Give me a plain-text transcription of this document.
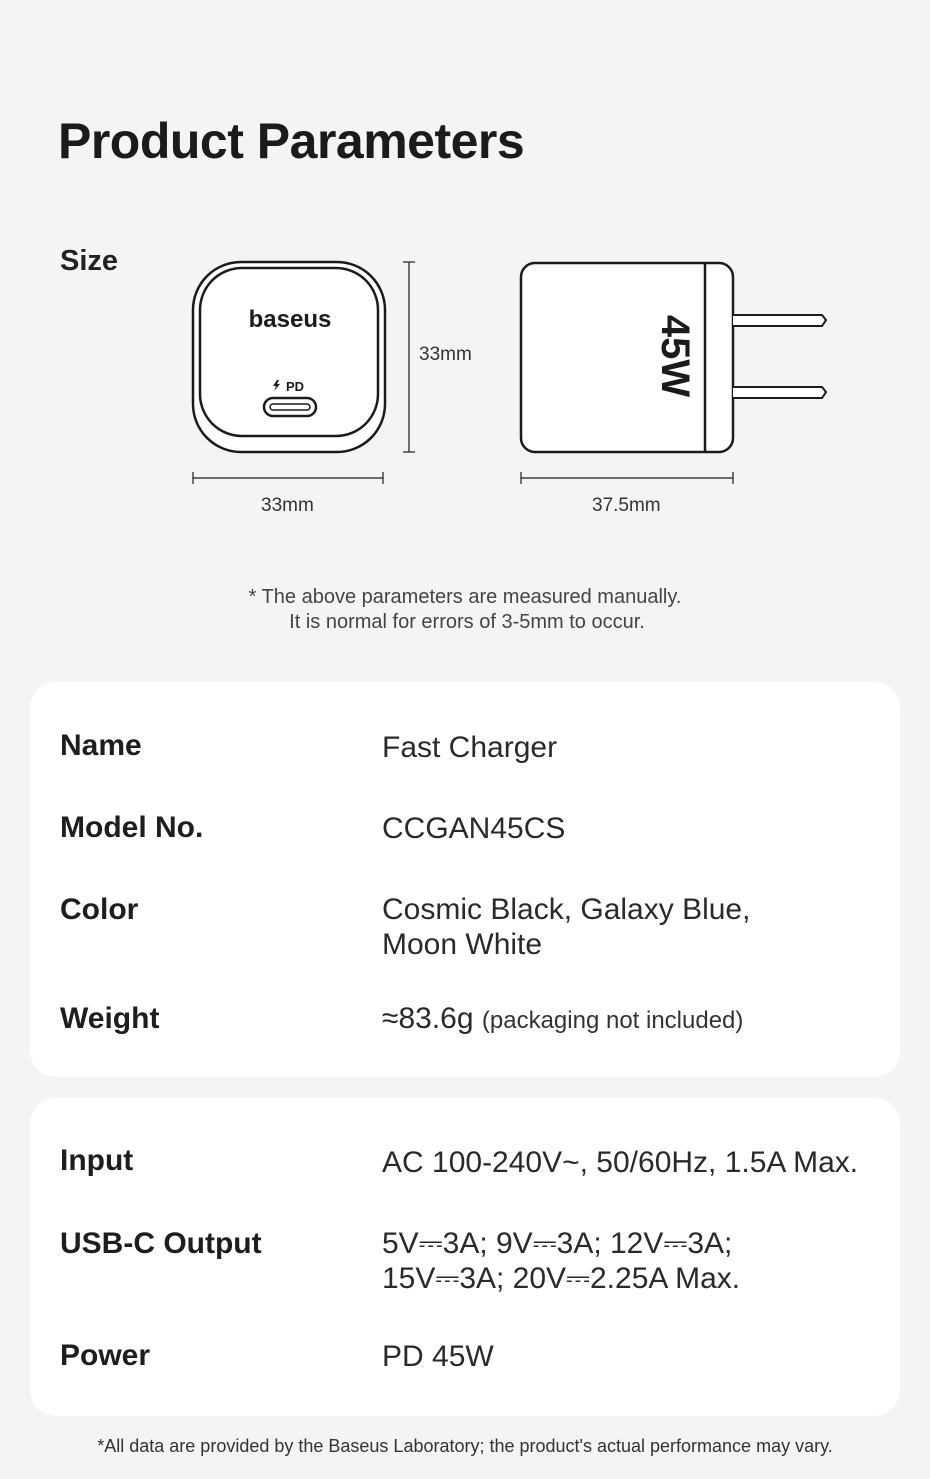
Product Parameters
Size
baseus
PD	45W
33mm
33mm	37.5mm
* The above parameters are measured manually.
It is normal for errors of 3-5mm to occur.
Name	Fast Charger
Model No.	CCGAN45CS
Color	Cosmic Black, Galaxy Blue,
Moon White
Weight	≈83.6g (packaging not included)
Input	AC 100-240V~, 50/60Hz, 1.5A Max.
USB-C Output	5V⎓3A; 9V⎓3A; 12V⎓3A;
15V⎓3A; 20V⎓2.25A Max.
Power	PD 45W
*All data are provided by the Baseus Laboratory; the product's actual performance may vary.
